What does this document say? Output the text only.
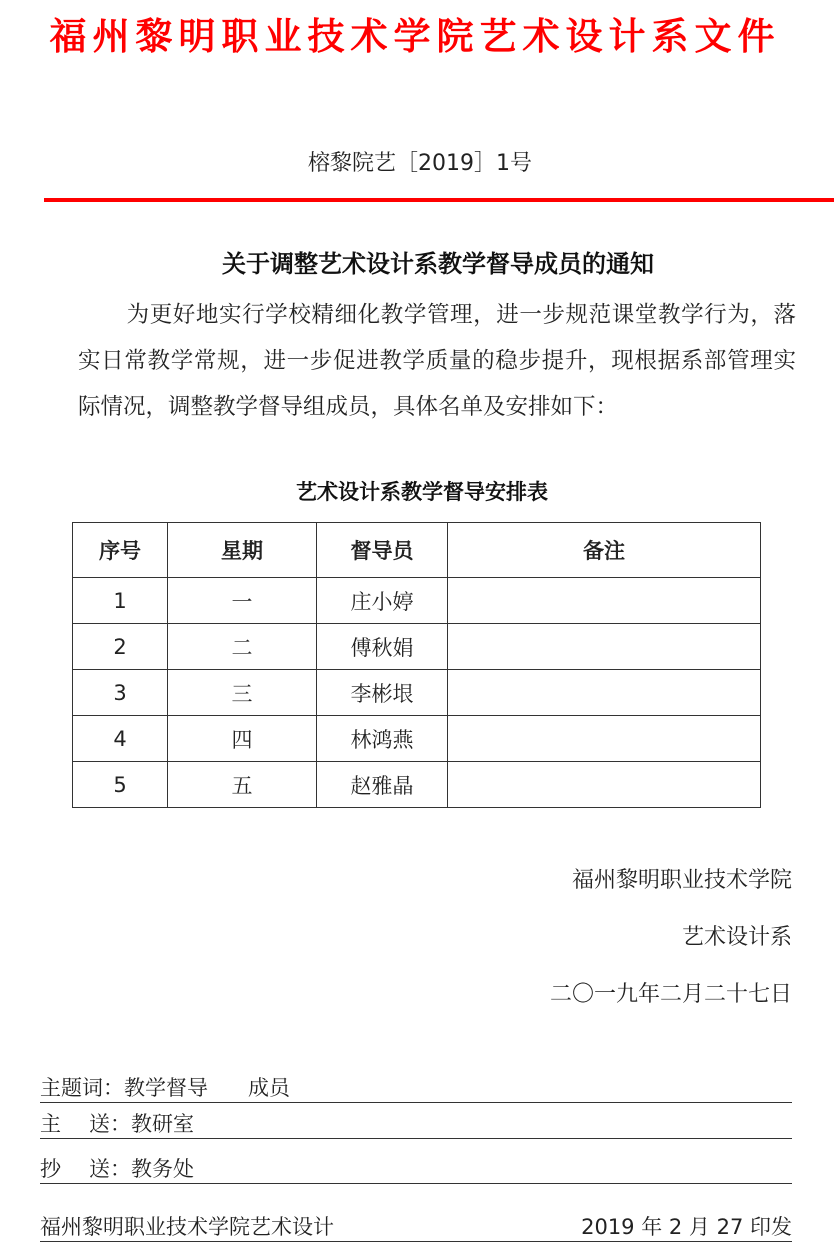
福州黎明职业技术学院艺术设计系文件
榕黎院艺［2019］1号
关于调整艺术设计系教学督导成员的通知
为更好地实行学校精细化教学管理，进一步规范课堂教学行为，落实日常教学常规，进一步促进教学质量的稳步提升，现根据系部管理实际情况，调整教学督导组成员，具体名单及安排如下：
艺术设计系教学督导安排表
序号	星期	督导员	备注
1	一	庄小婷	
2	二	傅秋娟	
3	三	李彬垠	
4	四	林鸿燕	
5	五	赵雅晶	
福州黎明职业技术学院
艺术设计系
二〇一九年二月二十七日
主题词：教学督导 成员
主 送：教研室
抄 送：教务处
福州黎明职业技术学院艺术设计	2019 年 2 月 27 印发
